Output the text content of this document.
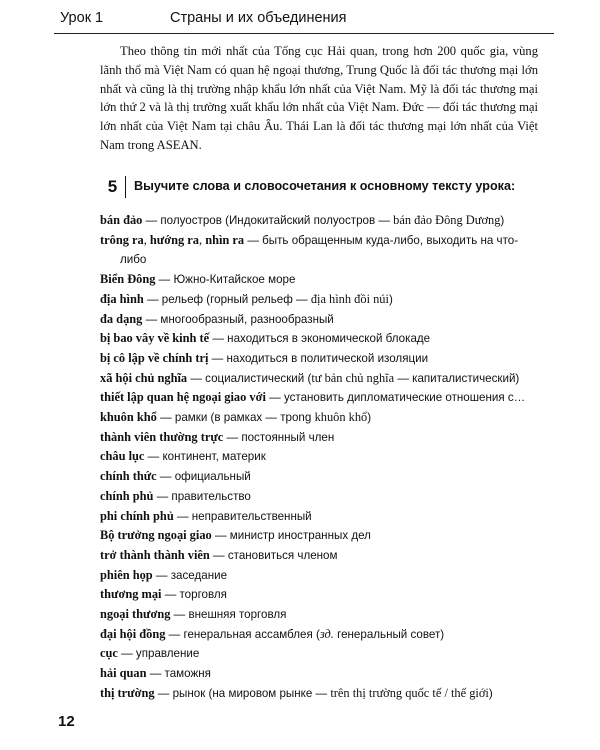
Урок 1	Страны и их объединения

Theo thông tin mới nhất của Tổng cục Hải quan, trong hơn 200 quốc gia, vùng lãnh thổ mà Việt Nam có quan hệ ngoại thương, Trung Quốc là đối tác thương mại lớn nhất và cũng là thị trường nhập khẩu lớn nhất của Việt Nam. Mỹ là đối tác thương mại lớn thứ 2 và là thị trường xuất khẩu lớn nhất của Việt Nam. Đức — đối tác thương mại lớn nhất của Việt Nam tại châu Âu. Thái Lan là đối tác thương mại lớn nhất của Việt Nam trong ASEAN.

5	Выучите слова и словосочетания к основному тексту урока:
bán đảo — полуостров (Индокитайский полуостров — bán đảo Đông Dương)
trông ra, hướng ra, nhìn ra — быть обращенным куда-либо, выходить на что-либо
Biển Đông — Южно-Китайское море
địa hình — рельеф (горный рельеф — địa hình đồi núi)
đa dạng — многообразный, разнообразный
bị bao vây về kinh tế — находиться в экономической блокаде
bị cô lập về chính trị — находиться в политической изоляции
xã hội chủ nghĩa — социалистический (tư bản chủ nghĩa — капиталистический)
thiết lập quan hệ ngoại giao với — установить дипломатические отношения с…
khuôn khổ — рамки (в рамках — трong khuôn khổ)
thành viên thường trực — постоянный член
châu lục — континент, материк
chính thức — официальный
chính phủ — правительство
phi chính phủ — неправительственный
Bộ trưởng ngoại giao — министр иностранных дел
trở thành thành viên — становиться членом
phiên họp — заседание
thương mại — торговля
ngoại thương — внешняя торговля
đại hội đồng — генеральная ассамблея (зд. генеральный совет)
cục — управление
hải quan — таможня
thị trường — рынок (на мировом рынке — trên thị trường quốc tế / thế giới)
12
